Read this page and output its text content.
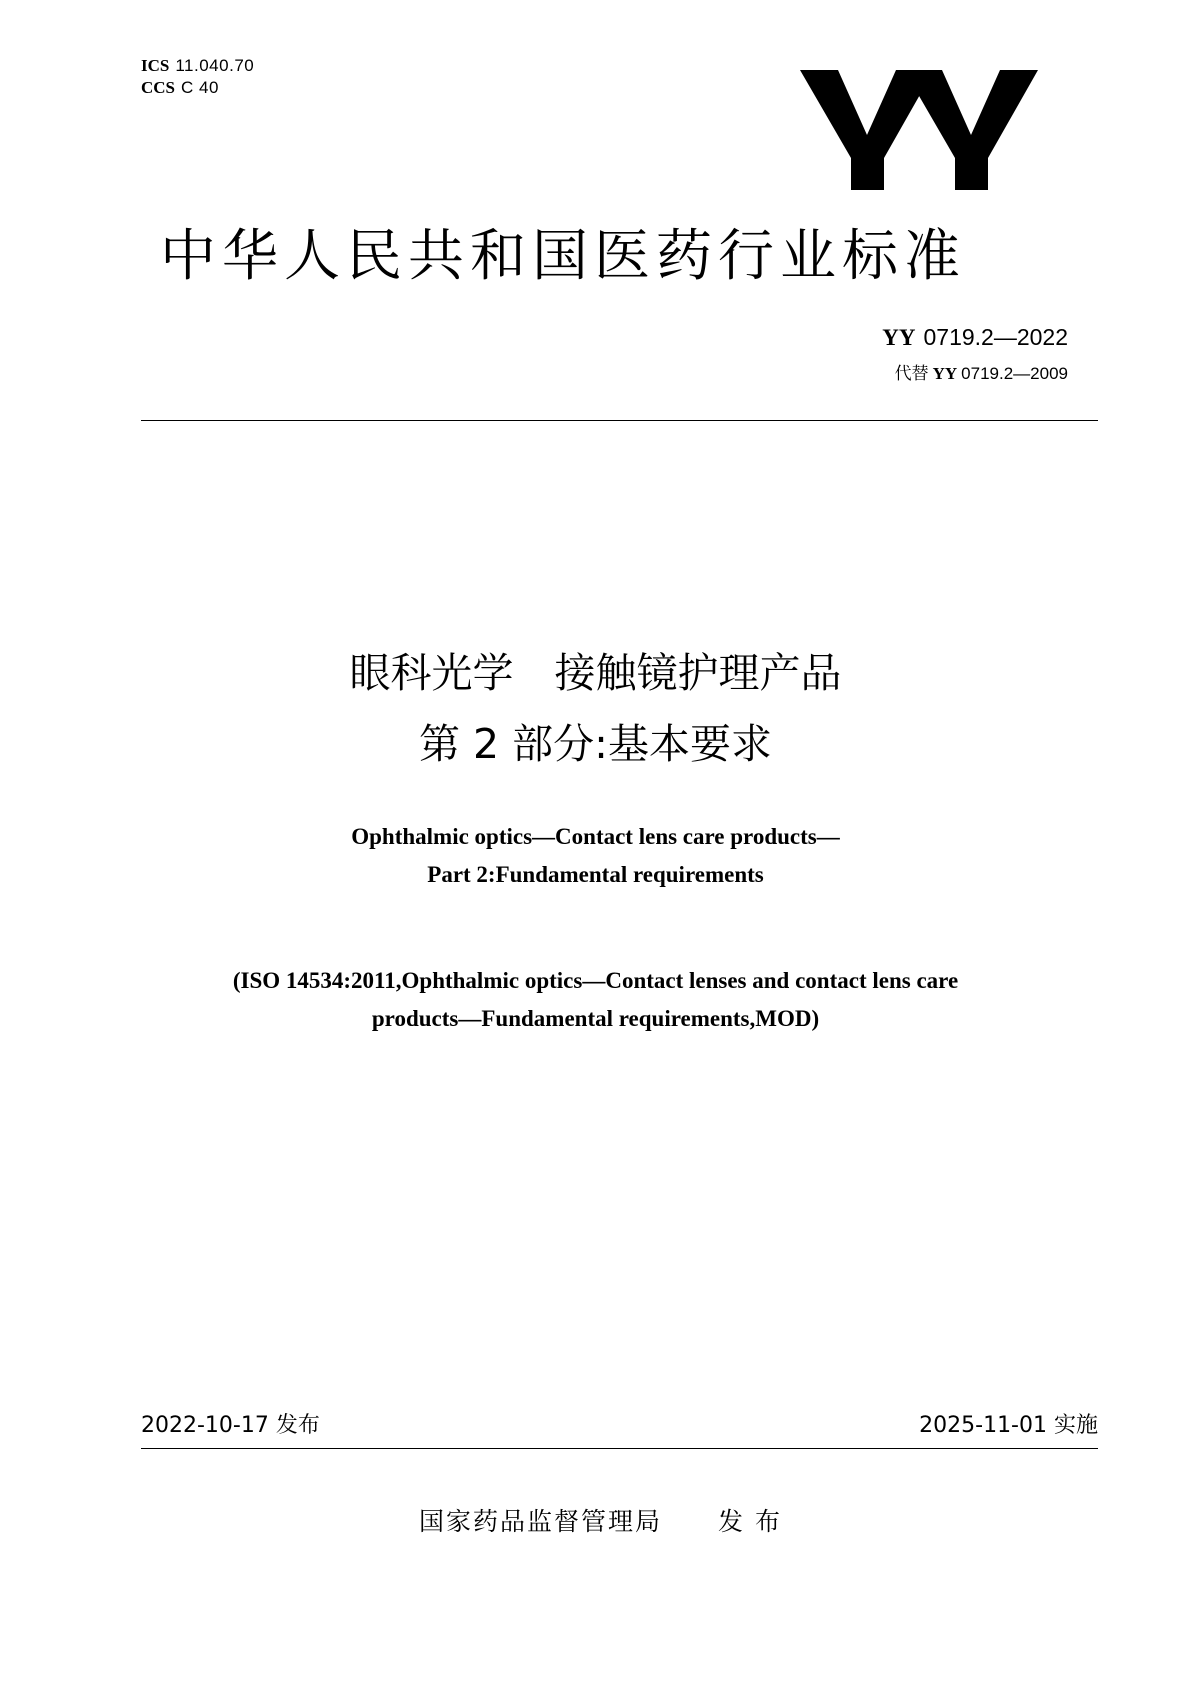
ICS 11.040.70
CCS C 40
中华人民共和国医药行业标准
YY 0719.2—2022
代替 YY 0719.2—2009
眼科光学　接触镜护理产品
第 2 部分:基本要求
Ophthalmic optics—Contact lens care products—
Part 2:Fundamental requirements
(ISO 14534:2011,Ophthalmic optics—Contact lenses and contact lens care
products—Fundamental requirements,MOD)
2022-10-17 发布	2025-11-01 实施
国家药品监督管理局 发布
